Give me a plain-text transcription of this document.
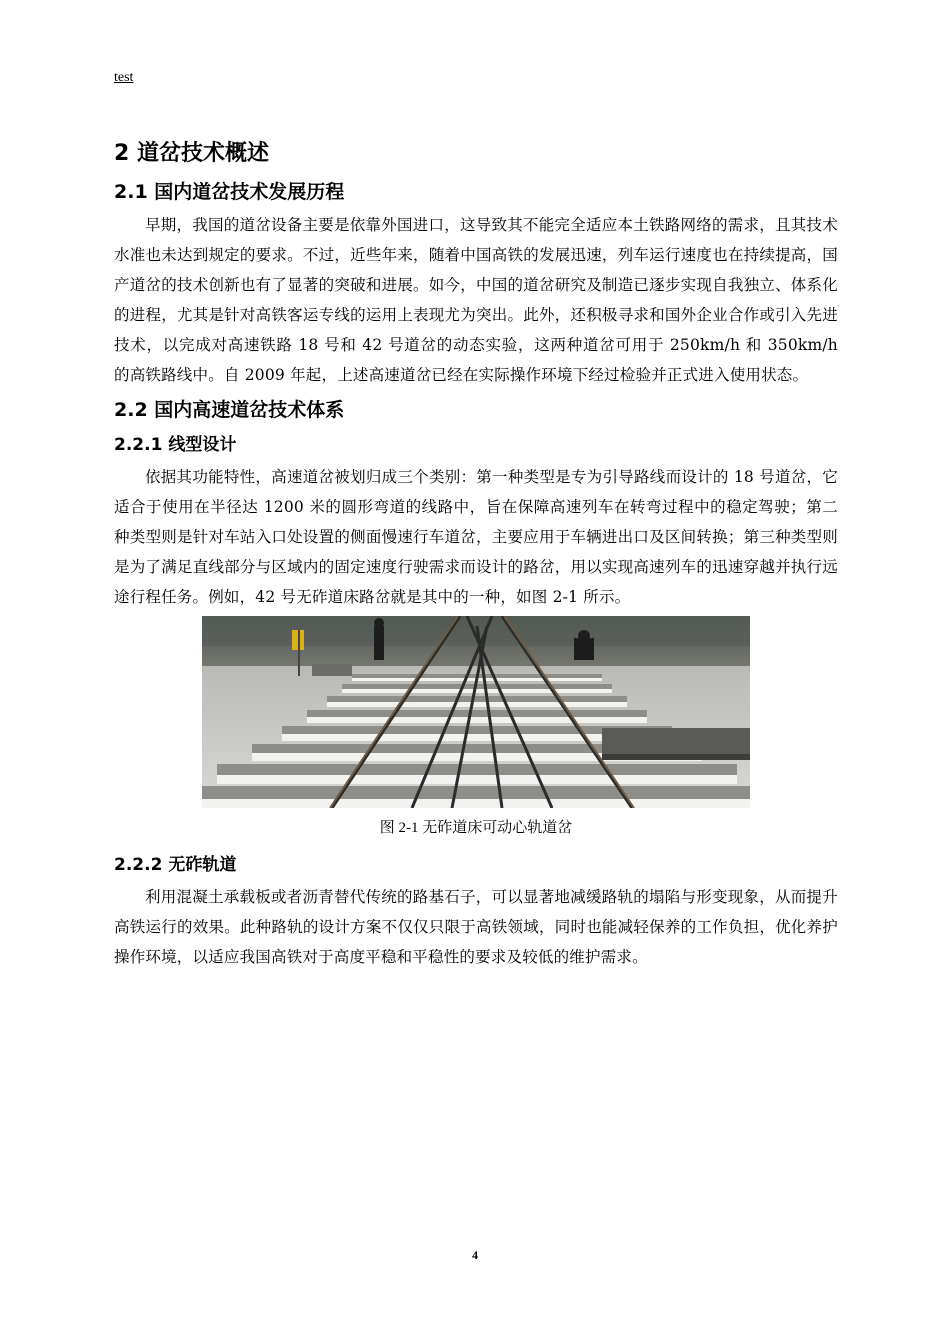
test
2 道岔技术概述
2.1 国内道岔技术发展历程

早期，我国的道岔设备主要是依靠外国进口，这导致其不能完全适应本土铁路网络的需求，且其技术水准也未达到规定的要求。不过，近些年来，随着中国高铁的发展迅速，列车运行速度也在持续提高，国产道岔的技术创新也有了显著的突破和进展。如今，中国的道岔研究及制造已逐步实现自我独立、体系化的进程，尤其是针对高铁客运专线的运用上表现尤为突出。此外，还积极寻求和国外企业合作或引入先进技术，以完成对高速铁路 18 号和 42 号道岔的动态实验，这两种道岔可用于 250km/h 和 350km/h 的高铁路线中。自 2009 年起，上述高速道岔已经在实际操作环境下经过检验并正式进入使用状态。

2.2 国内高速道岔技术体系
2.2.1 线型设计

依据其功能特性，高速道岔被划归成三个类别：第一种类型是专为引导路线而设计的 18 号道岔，它适合于使用在半径达 1200 米的圆形弯道的线路中，旨在保障高速列车在转弯过程中的稳定驾驶；第二种类型则是针对车站入口处设置的侧面慢速行车道岔，主要应用于车辆进出口及区间转换；第三种类型则是为了满足直线部分与区域内的固定速度行驶需求而设计的路岔，用以实现高速列车的迅速穿越并执行远途行程任务。例如，42 号无砟道床路岔就是其中的一种，如图 2-1 所示。

图 2-1 无砟道床可动心轨道岔
2.2.2 无砟轨道

利用混凝土承载板或者沥青替代传统的路基石子，可以显著地减缓路轨的塌陷与形变现象，从而提升高铁运行的效果。此种路轨的设计方案不仅仅只限于高铁领域，同时也能减轻保养的工作负担，优化养护操作环境，以适应我国高铁对于高度平稳和平稳性的要求及较低的维护需求。

4
